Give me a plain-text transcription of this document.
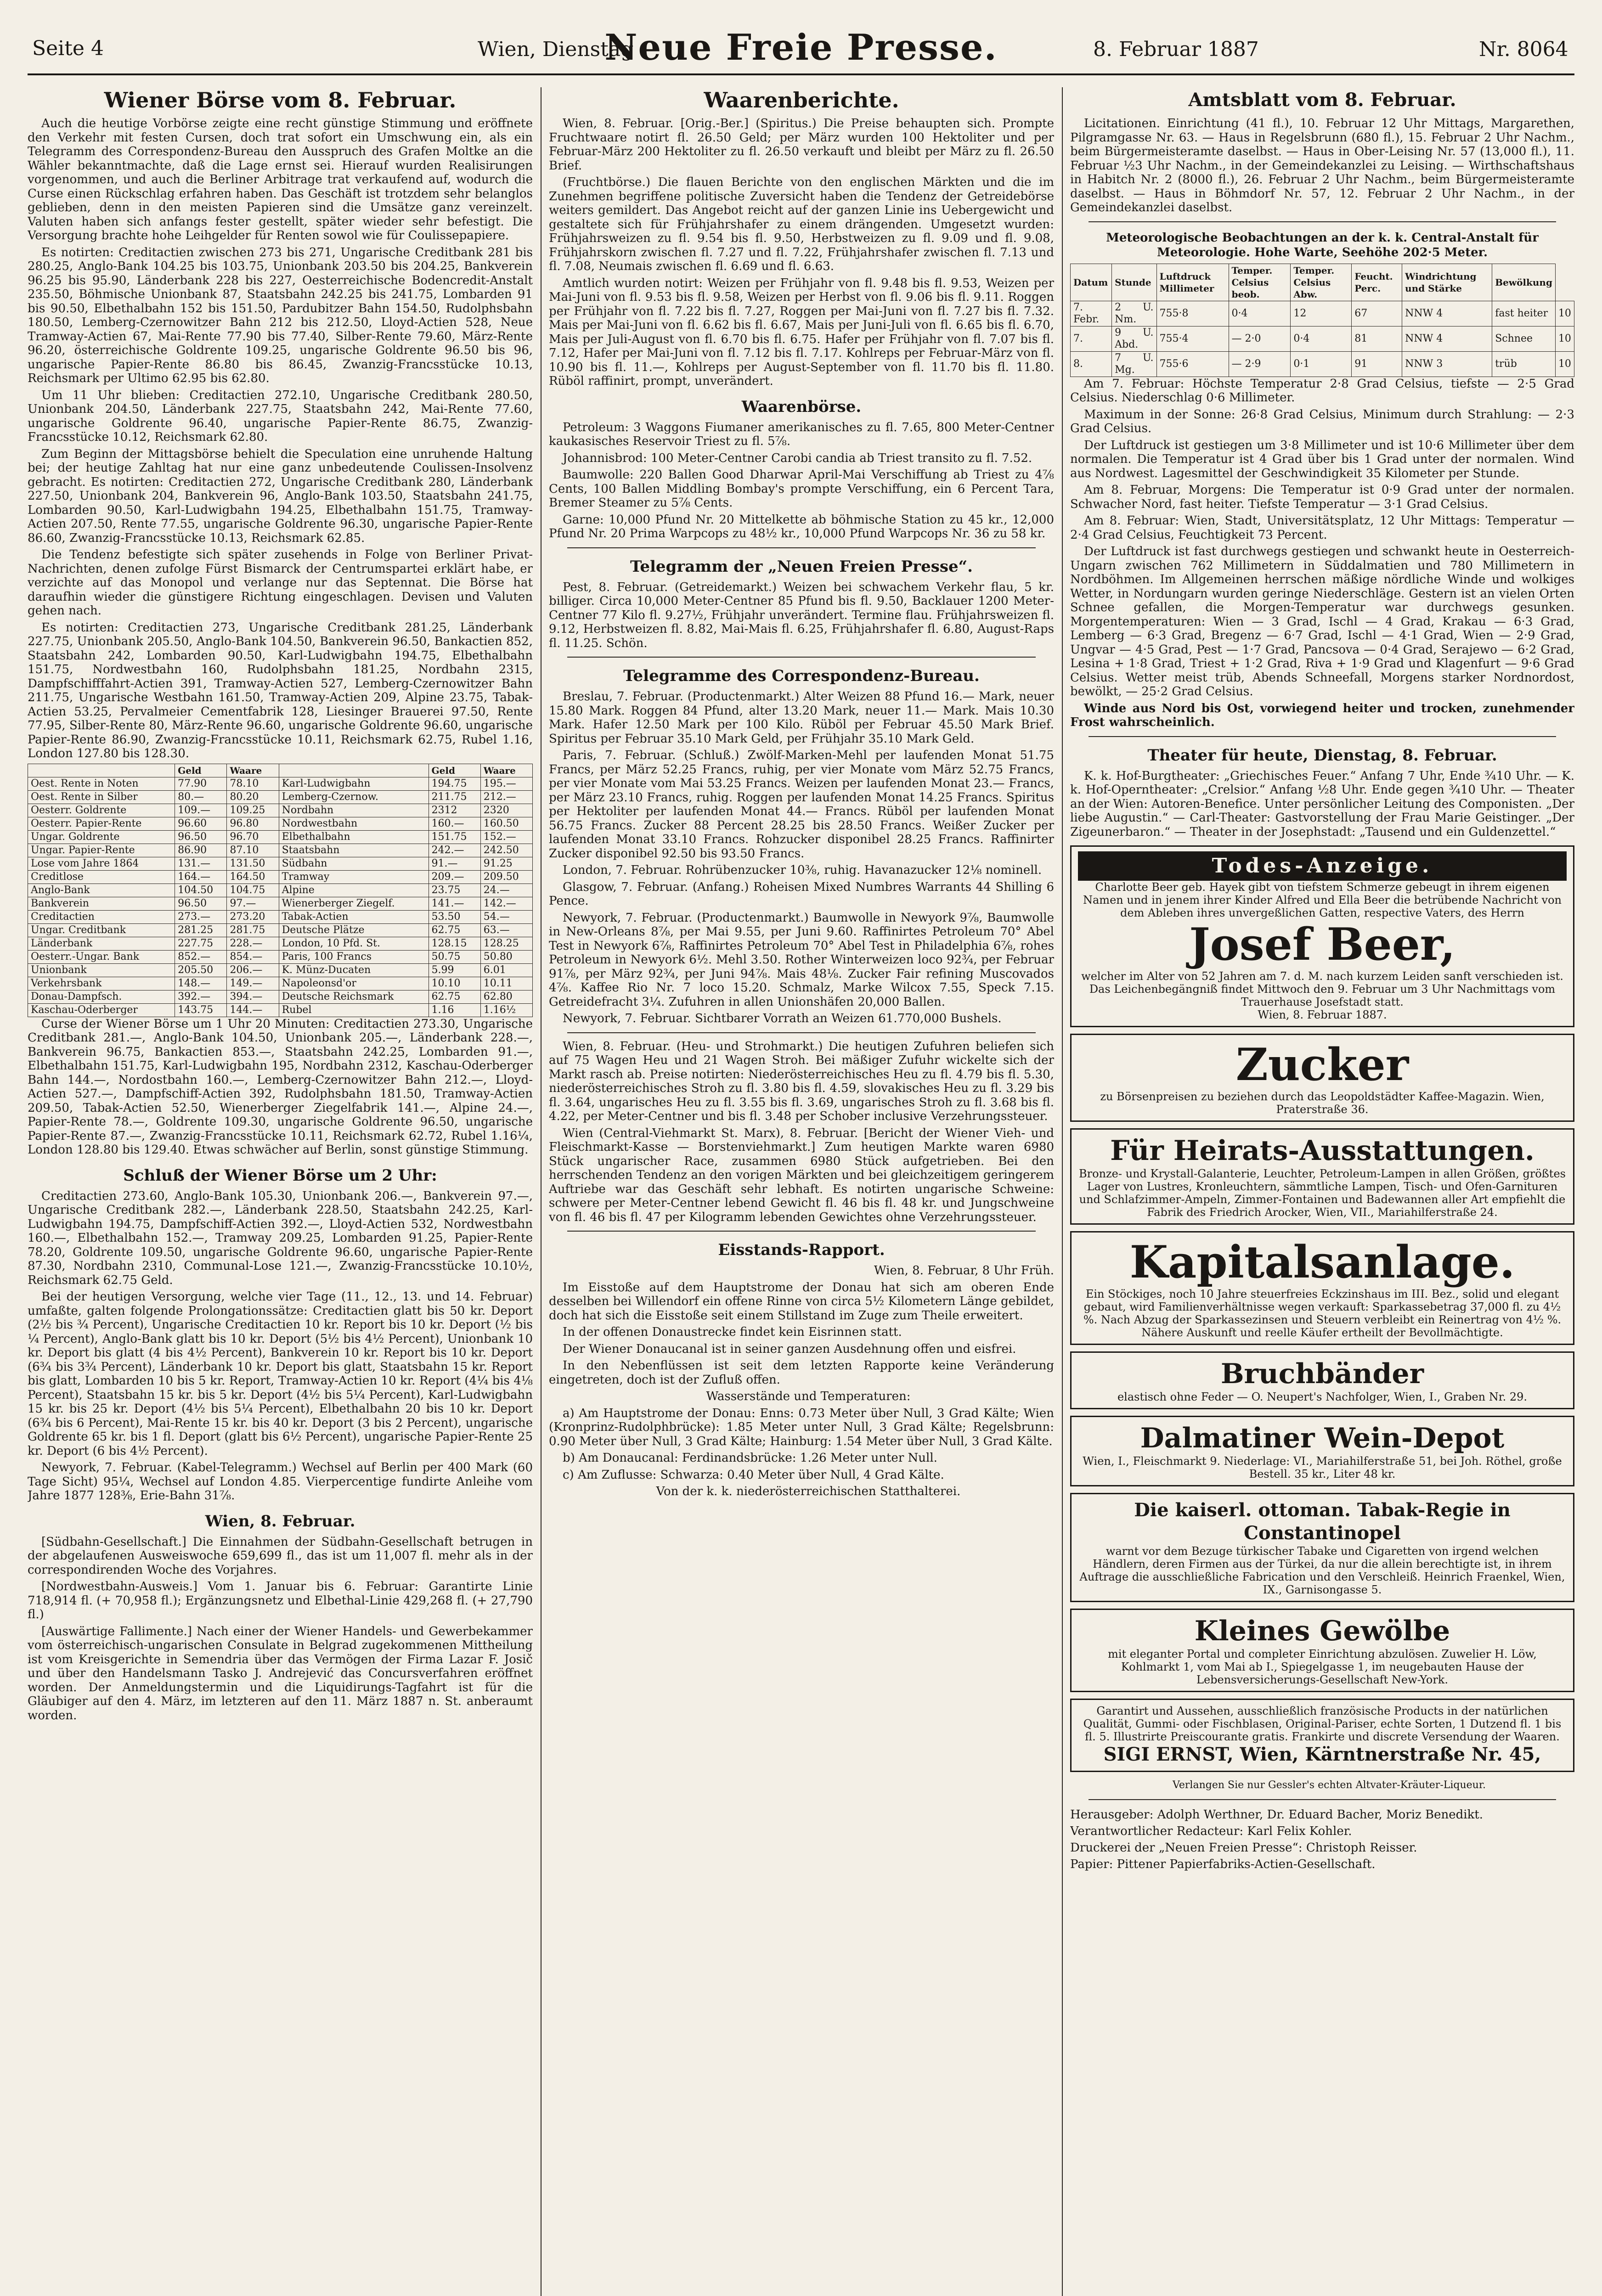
Seite 4	Wien, Dienstag
Neue Freie Presse.	8. Februar 1887	Nr. 8064
Wiener Börse vom 8. Februar.

Auch die heutige Vorbörse zeigte eine recht günstige Stimmung und eröffnete den Verkehr mit festen Cursen, doch trat sofort ein Umschwung ein, als ein Telegramm des Correspondenz-Bureau den Ausspruch des Grafen Moltke an die Wähler bekanntmachte, daß die Lage ernst sei. Hierauf wurden Realisirungen vorgenommen, und auch die Berliner Arbitrage trat verkaufend auf, wodurch die Curse einen Rückschlag erfahren haben. Das Geschäft ist trotzdem sehr belanglos geblieben, denn in den meisten Papieren sind die Umsätze ganz vereinzelt. Valuten haben sich anfangs fester gestellt, später wieder sehr befestigt. Die Versorgung brachte hohe Leihgelder für Renten sowol wie für Coulissepapiere.

Es notirten: Creditactien zwischen 273 bis 271, Ungarische Creditbank 281 bis 280.25, Anglo-Bank 104.25 bis 103.75, Unionbank 203.50 bis 204.25, Bankverein 96.25 bis 95.90, Länderbank 228 bis 227, Oesterreichische Bodencredit-Anstalt 235.50, Böhmische Unionbank 87, Staatsbahn 242.25 bis 241.75, Lombarden 91 bis 90.50, Elbethalbahn 152 bis 151.50, Pardubitzer Bahn 154.50, Rudolphsbahn 180.50, Lemberg-Czernowitzer Bahn 212 bis 212.50, Lloyd-Actien 528, Neue Tramway-Actien 67, Mai-Rente 77.90 bis 77.40, Silber-Rente 79.60, März-Rente 96.20, österreichische Goldrente 109.25, ungarische Goldrente 96.50 bis 96, ungarische Papier-Rente 86.80 bis 86.45, Zwanzig-Francsstücke 10.13, Reichsmark per Ultimo 62.95 bis 62.80.

Um 11 Uhr blieben: Creditactien 272.10, Ungarische Creditbank 280.50, Unionbank 204.50, Länderbank 227.75, Staatsbahn 242, Mai-Rente 77.60, ungarische Goldrente 96.40, ungarische Papier-Rente 86.75, Zwanzig-Francsstücke 10.12, Reichsmark 62.80.

Zum Beginn der Mittagsbörse behielt die Speculation eine unruhende Haltung bei; der heutige Zahltag hat nur eine ganz unbedeutende Coulissen-Insolvenz gebracht. Es notirten: Creditactien 272, Ungarische Creditbank 280, Länderbank 227.50, Unionbank 204, Bankverein 96, Anglo-Bank 103.50, Staatsbahn 241.75, Lombarden 90.50, Karl-Ludwigbahn 194.25, Elbethalbahn 151.75, Tramway-Actien 207.50, Rente 77.55, ungarische Goldrente 96.30, ungarische Papier-Rente 86.60, Zwanzig-Francsstücke 10.13, Reichsmark 62.85.

Die Tendenz befestigte sich später zusehends in Folge von Berliner Privat-Nachrichten, denen zufolge Fürst Bismarck der Centrumspartei erklärt habe, er verzichte auf das Monopol und verlange nur das Septennat. Die Börse hat daraufhin wieder die günstigere Richtung eingeschlagen. Devisen und Valuten gehen nach.

Es notirten: Creditactien 273, Ungarische Creditbank 281.25, Länderbank 227.75, Unionbank 205.50, Anglo-Bank 104.50, Bankverein 96.50, Bankactien 852, Staatsbahn 242, Lombarden 90.50, Karl-Ludwigbahn 194.75, Elbethalbahn 151.75, Nordwestbahn 160, Rudolphsbahn 181.25, Nordbahn 2315, Dampfschifffahrt-Actien 391, Tramway-Actien 527, Lemberg-Czernowitzer Bahn 211.75, Ungarische Westbahn 161.50, Tramway-Actien 209, Alpine 23.75, Tabak-Actien 53.25, Pervalmeier Cementfabrik 128, Liesinger Brauerei 97.50, Rente 77.95, Silber-Rente 80, März-Rente 96.60, ungarische Goldrente 96.60, ungarische Papier-Rente 86.90, Zwanzig-Francsstücke 10.11, Reichsmark 62.75, Rubel 1.16, London 127.80 bis 128.30.

	Geld	Waare		Geld	Waare
Oest. Rente in Noten	77.90	78.10	Karl-Ludwigbahn	194.75	195.—
Oest. Rente in Silber	80.—	80.20	Lemberg-Czernow.	211.75	212.—
Oesterr. Goldrente	109.—	109.25	Nordbahn	2312	2320
Oesterr. Papier-Rente	96.60	96.80	Nordwestbahn	160.—	160.50
Ungar. Goldrente	96.50	96.70	Elbethalbahn	151.75	152.—
Ungar. Papier-Rente	86.90	87.10	Staatsbahn	242.—	242.50
Lose vom Jahre 1864	131.—	131.50	Südbahn	91.—	91.25
Creditlose	164.—	164.50	Tramway	209.—	209.50
Anglo-Bank	104.50	104.75	Alpine	23.75	24.—
Bankverein	96.50	97.—	Wienerberger Ziegelf.	141.—	142.—
Creditactien	273.—	273.20	Tabak-Actien	53.50	54.—
Ungar. Creditbank	281.25	281.75	Deutsche Plätze	62.75	63.—
Länderbank	227.75	228.—	London, 10 Pfd. St.	128.15	128.25
Oesterr.-Ungar. Bank	852.—	854.—	Paris, 100 Francs	50.75	50.80
Unionbank	205.50	206.—	K. Münz-Ducaten	5.99	6.01
Verkehrsbank	148.—	149.—	Napoleonsd'or	10.10	10.11
Donau-Dampfsch.	392.—	394.—	Deutsche Reichsmark	62.75	62.80
Kaschau-Oderberger	143.75	144.—	Rubel	1.16	1.16½

Curse der Wiener Börse um 1 Uhr 20 Minuten: Creditactien 273.30, Ungarische Creditbank 281.—, Anglo-Bank 104.50, Unionbank 205.—, Länderbank 228.—, Bankverein 96.75, Bankactien 853.—, Staatsbahn 242.25, Lombarden 91.—, Elbethalbahn 151.75, Karl-Ludwigbahn 195, Nordbahn 2312, Kaschau-Oderberger Bahn 144.—, Nordostbahn 160.—, Lemberg-Czernowitzer Bahn 212.—, Lloyd-Actien 527.—, Dampfschiff-Actien 392, Rudolphsbahn 181.50, Tramway-Actien 209.50, Tabak-Actien 52.50, Wienerberger Ziegelfabrik 141.—, Alpine 24.—, Papier-Rente 78.—, Goldrente 109.30, ungarische Goldrente 96.50, ungarische Papier-Rente 87.—, Zwanzig-Francsstücke 10.11, Reichsmark 62.72, Rubel 1.16¼, London 128.80 bis 129.40. Etwas schwächer auf Berlin, sonst günstige Stimmung.

Schluß der Wiener Börse um 2 Uhr:

Creditactien 273.60, Anglo-Bank 105.30, Unionbank 206.—, Bankverein 97.—, Ungarische Creditbank 282.—, Länderbank 228.50, Staatsbahn 242.25, Karl-Ludwigbahn 194.75, Dampfschiff-Actien 392.—, Lloyd-Actien 532, Nordwestbahn 160.—, Elbethalbahn 152.—, Tramway 209.25, Lombarden 91.25, Papier-Rente 78.20, Goldrente 109.50, ungarische Goldrente 96.60, ungarische Papier-Rente 87.30, Nordbahn 2310, Communal-Lose 121.—, Zwanzig-Francsstücke 10.10½, Reichsmark 62.75 Geld.

Bei der heutigen Versorgung, welche vier Tage (11., 12., 13. und 14. Februar) umfaßte, galten folgende Prolongationssätze: Creditactien glatt bis 50 kr. Deport (2½ bis ¾ Percent), Ungarische Creditactien 10 kr. Report bis 10 kr. Deport (½ bis ¼ Percent), Anglo-Bank glatt bis 10 kr. Deport (5½ bis 4½ Percent), Unionbank 10 kr. Deport bis glatt (4 bis 4½ Percent), Bankverein 10 kr. Report bis 10 kr. Deport (6¾ bis 3¾ Percent), Länderbank 10 kr. Deport bis glatt, Staatsbahn 15 kr. Report bis glatt, Lombarden 10 bis 5 kr. Report, Tramway-Actien 10 kr. Report (4¼ bis 4⅛ Percent), Staatsbahn 15 kr. bis 5 kr. Deport (4½ bis 5¼ Percent), Karl-Ludwigbahn 15 kr. bis 25 kr. Deport (4½ bis 5¼ Percent), Elbethalbahn 20 bis 10 kr. Deport (6¾ bis 6 Percent), Mai-Rente 15 kr. bis 40 kr. Deport (3 bis 2 Percent), ungarische Goldrente 65 kr. bis 1 fl. Deport (glatt bis 6½ Percent), ungarische Papier-Rente 25 kr. Deport (6 bis 4½ Percent).

Newyork, 7. Februar. (Kabel-Telegramm.) Wechsel auf Berlin per 400 Mark (60 Tage Sicht) 95¼, Wechsel auf London 4.85. Vierpercentige fundirte Anleihe vom Jahre 1877 128⅜, Erie-Bahn 31⅞.

Wien, 8. Februar.

[Südbahn-Gesellschaft.] Die Einnahmen der Südbahn-Gesellschaft betrugen in der abgelaufenen Ausweiswoche 659,699 fl., das ist um 11,007 fl. mehr als in der correspondirenden Woche des Vorjahres.

[Nordwestbahn-Ausweis.] Vom 1. Januar bis 6. Februar: Garantirte Linie 718,914 fl. (+ 70,958 fl.); Ergänzungsnetz und Elbethal-Linie 429,268 fl. (+ 27,790 fl.)

[Auswärtige Fallimente.] Nach einer der Wiener Handels- und Gewerbekammer vom österreichisch-ungarischen Consulate in Belgrad zugekommenen Mittheilung ist vom Kreisgerichte in Semendria über das Vermögen der Firma Lazar F. Josič und über den Handelsmann Tasko J. Andrejević das Concursverfahren eröffnet worden. Der Anmeldungstermin und die Liquidirungs-Tagfahrt ist für die Gläubiger auf den 4. März, im letzteren auf den 11. März 1887 n. St. anberaumt worden.

Waarenberichte.

Wien, 8. Februar. [Orig.-Ber.] (Spiritus.) Die Preise behaupten sich. Prompte Fruchtwaare notirt fl. 26.50 Geld; per März wurden 100 Hektoliter und per Februar-März 200 Hektoliter zu fl. 26.50 verkauft und bleibt per März zu fl. 26.50 Brief.

(Fruchtbörse.) Die flauen Berichte von den englischen Märkten und die im Zunehmen begriffene politische Zuversicht haben die Tendenz der Getreidebörse weiters gemildert. Das Angebot reicht auf der ganzen Linie ins Uebergewicht und gestaltete sich für Frühjahrshafer zu einem drängenden. Umgesetzt wurden: Frühjahrsweizen zu fl. 9.54 bis fl. 9.50, Herbstweizen zu fl. 9.09 und fl. 9.08, Frühjahrskorn zwischen fl. 7.27 und fl. 7.22, Frühjahrshafer zwischen fl. 7.13 und fl. 7.08, Neumais zwischen fl. 6.69 und fl. 6.63.

Amtlich wurden notirt: Weizen per Frühjahr von fl. 9.48 bis fl. 9.53, Weizen per Mai-Juni von fl. 9.53 bis fl. 9.58, Weizen per Herbst von fl. 9.06 bis fl. 9.11. Roggen per Frühjahr von fl. 7.22 bis fl. 7.27, Roggen per Mai-Juni von fl. 7.27 bis fl. 7.32. Mais per Mai-Juni von fl. 6.62 bis fl. 6.67, Mais per Juni-Juli von fl. 6.65 bis fl. 6.70, Mais per Juli-August von fl. 6.70 bis fl. 6.75. Hafer per Frühjahr von fl. 7.07 bis fl. 7.12, Hafer per Mai-Juni von fl. 7.12 bis fl. 7.17. Kohlreps per Februar-März von fl. 10.90 bis fl. 11.—, Kohlreps per August-September von fl. 11.70 bis fl. 11.80. Rüböl raffinirt, prompt, unverändert.

Waarenbörse.

Petroleum: 3 Waggons Fiumaner amerikanisches zu fl. 7.65, 800 Meter-Centner kaukasisches Reservoir Triest zu fl. 5⅞.

Johannisbrod: 100 Meter-Centner Carobi candia ab Triest transito zu fl. 7.52.

Baumwolle: 220 Ballen Good Dharwar April-Mai Verschiffung ab Triest zu 4⅞ Cents, 100 Ballen Middling Bombay's prompte Verschiffung, ein 6 Percent Tara, Bremer Steamer zu 5⅞ Cents.

Garne: 10,000 Pfund Nr. 20 Mittelkette ab böhmische Station zu 45 kr., 12,000 Pfund Nr. 20 Prima Warpcops zu 48½ kr., 10,000 Pfund Warpcops Nr. 36 zu 58 kr.

Telegramm der „Neuen Freien Presse“.

Pest, 8. Februar. (Getreidemarkt.) Weizen bei schwachem Verkehr flau, 5 kr. billiger. Circa 10,000 Meter-Centner 85 Pfund bis fl. 9.50, Backlauer 1200 Meter-Centner 77 Kilo fl. 9.27½, Frühjahr unverändert. Termine flau. Frühjahrsweizen fl. 9.12, Herbstweizen fl. 8.82, Mai-Mais fl. 6.25, Frühjahrshafer fl. 6.80, August-Raps fl. 11.25. Schön.

Telegramme des Correspondenz-Bureau.

Breslau, 7. Februar. (Productenmarkt.) Alter Weizen 88 Pfund 16.— Mark, neuer 15.80 Mark. Roggen 84 Pfund, alter 13.20 Mark, neuer 11.— Mark. Mais 10.30 Mark. Hafer 12.50 Mark per 100 Kilo. Rüböl per Februar 45.50 Mark Brief. Spiritus per Februar 35.10 Mark Geld, per Frühjahr 35.10 Mark Geld.

Paris, 7. Februar. (Schluß.) Zwölf-Marken-Mehl per laufenden Monat 51.75 Francs, per März 52.25 Francs, ruhig, per vier Monate vom März 52.75 Francs, per vier Monate vom Mai 53.25 Francs. Weizen per laufenden Monat 23.— Francs, per März 23.10 Francs, ruhig. Roggen per laufenden Monat 14.25 Francs. Spiritus per Hektoliter per laufenden Monat 44.— Francs. Rüböl per laufenden Monat 56.75 Francs. Zucker 88 Percent 28.25 bis 28.50 Francs. Weißer Zucker per laufenden Monat 33.10 Francs. Rohzucker disponibel 28.25 Francs. Raffinirter Zucker disponibel 92.50 bis 93.50 Francs.

London, 7. Februar. Rohrübenzucker 10⅜, ruhig. Havanazucker 12⅛ nominell.

Glasgow, 7. Februar. (Anfang.) Roheisen Mixed Numbres Warrants 44 Shilling 6 Pence.

Newyork, 7. Februar. (Productenmarkt.) Baumwolle in Newyork 9⅞, Baumwolle in New-Orleans 8⅞, per Mai 9.55, per Juni 9.60. Raffinirtes Petroleum 70° Abel Test in Newyork 6⅞, Raffinirtes Petroleum 70° Abel Test in Philadelphia 6⅞, rohes Petroleum in Newyork 6½. Mehl 3.50. Rother Winterweizen loco 92¾, per Februar 91⅞, per März 92¾, per Juni 94⅞. Mais 48⅛. Zucker Fair refining Muscovados 4⅞. Kaffee Rio Nr. 7 loco 15.20. Schmalz, Marke Wilcox 7.55, Speck 7.15. Getreidefracht 3¼. Zufuhren in allen Unionshäfen 20,000 Ballen.

Newyork, 7. Februar. Sichtbarer Vorrath an Weizen 61.770,000 Bushels.

Wien, 8. Februar. (Heu- und Strohmarkt.) Die heutigen Zufuhren beliefen sich auf 75 Wagen Heu und 21 Wagen Stroh. Bei mäßiger Zufuhr wickelte sich der Markt rasch ab. Preise notirten: Niederösterreichisches Heu zu fl. 4.79 bis fl. 5.30, niederösterreichisches Stroh zu fl. 3.80 bis fl. 4.59, slovakisches Heu zu fl. 3.29 bis fl. 3.64, ungarisches Heu zu fl. 3.55 bis fl. 3.69, ungarisches Stroh zu fl. 3.68 bis fl. 4.22, per Meter-Centner und bis fl. 3.48 per Schober inclusive Verzehrungssteuer.

Wien (Central-Viehmarkt St. Marx), 8. Februar. [Bericht der Wiener Vieh- und Fleischmarkt-Kasse — Borstenviehmarkt.] Zum heutigen Markte waren 6980 Stück ungarischer Race, zusammen 6980 Stück aufgetrieben. Bei den herrschenden Tendenz an den vorigen Märkten und bei gleichzeitigem geringerem Auftriebe war das Geschäft sehr lebhaft. Es notirten ungarische Schweine: schwere per Meter-Centner lebend Gewicht fl. 46 bis fl. 48 kr. und Jungschweine von fl. 46 bis fl. 47 per Kilogramm lebenden Gewichtes ohne Verzehrungssteuer.

Eisstands-Rapport.

Wien, 8. Februar, 8 Uhr Früh.

Im Eisstoße auf dem Hauptstrome der Donau hat sich am oberen Ende desselben bei Willendorf ein offene Rinne von circa 5½ Kilometern Länge gebildet, doch hat sich die Eisstoße seit einem Stillstand im Zuge zum Theile erweitert.

In der offenen Donaustrecke findet kein Eisrinnen statt.

Der Wiener Donaucanal ist in seiner ganzen Ausdehnung offen und eisfrei.

In den Nebenflüssen ist seit dem letzten Rapporte keine Veränderung eingetreten, doch ist der Zufluß offen.

Wasserstände und Temperaturen:

a) Am Hauptstrome der Donau: Enns: 0.73 Meter über Null, 3 Grad Kälte; Wien (Kronprinz-Rudolphbrücke): 1.85 Meter unter Null, 3 Grad Kälte; Regelsbrunn: 0.90 Meter über Null, 3 Grad Kälte; Hainburg: 1.54 Meter über Null, 3 Grad Kälte.

b) Am Donaucanal: Ferdinandsbrücke: 1.26 Meter unter Null.

c) Am Zuflusse: Schwarza: 0.40 Meter über Null, 4 Grad Kälte.

Von der k. k. niederösterreichischen Statthalterei.

Amtsblatt vom 8. Februar.

Licitationen. Einrichtung (41 fl.), 10. Februar 12 Uhr Mittags, Margarethen, Pilgramgasse Nr. 63. — Haus in Regelsbrunn (680 fl.), 15. Februar 2 Uhr Nachm., beim Bürgermeisteramte daselbst. — Haus in Ober-Leising Nr. 57 (13,000 fl.), 11. Februar ½3 Uhr Nachm., in der Gemeindekanzlei zu Leising. — Wirthschaftshaus in Habitch Nr. 2 (8000 fl.), 26. Februar 2 Uhr Nachm., beim Bürgermeisteramte daselbst. — Haus in Böhmdorf Nr. 57, 12. Februar 2 Uhr Nachm., in der Gemeindekanzlei daselbst.

Meteorologische Beobachtungen an der k. k. Central-Anstalt für Meteorologie. Hohe Warte, Seehöhe 202·5 Meter.
Datum	Stunde	Luftdruck Millimeter	Temper. Celsius beob.	Temper. Celsius Abw.	Feucht. Perc.	Windrichtung und Stärke	Bewölkung	
7. Febr.	2 U. Nm.	755·8	0·4	12	67	NNW 4	fast heiter	10
7.	9 U. Abd.	755·4	— 2·0	0·4	81	NNW 4	Schnee	10
8.	7 U. Mg.	755·6	— 2·9	0·1	91	NNW 3	trüb	10

Am 7. Februar: Höchste Temperatur 2·8 Grad Celsius, tiefste — 2·5 Grad Celsius. Niederschlag 0·6 Millimeter.

Maximum in der Sonne: 26·8 Grad Celsius, Minimum durch Strahlung: — 2·3 Grad Celsius.

Der Luftdruck ist gestiegen um 3·8 Millimeter und ist 10·6 Millimeter über dem normalen. Die Temperatur ist 4 Grad über bis 1 Grad unter der normalen. Wind aus Nordwest. Lagesmittel der Geschwindigkeit 35 Kilometer per Stunde.

Am 8. Februar, Morgens: Die Temperatur ist 0·9 Grad unter der normalen. Schwacher Nord, fast heiter. Tiefste Temperatur — 3·1 Grad Celsius.

Am 8. Februar: Wien, Stadt, Universitätsplatz, 12 Uhr Mittags: Temperatur — 2·4 Grad Celsius, Feuchtigkeit 73 Percent.

Der Luftdruck ist fast durchwegs gestiegen und schwankt heute in Oesterreich-Ungarn zwischen 762 Millimetern in Süddalmatien und 780 Millimetern in Nordböhmen. Im Allgemeinen herrschen mäßige nördliche Winde und wolkiges Wetter, in Nordungarn wurden geringe Niederschläge. Gestern ist an vielen Orten Schnee gefallen, die Morgen-Temperatur war durchwegs gesunken. Morgentemperaturen: Wien — 3 Grad, Ischl — 4 Grad, Krakau — 6·3 Grad, Lemberg — 6·3 Grad, Bregenz — 6·7 Grad, Ischl — 4·1 Grad, Wien — 2·9 Grad, Ungvar — 4·5 Grad, Pest — 1·7 Grad, Pancsova — 0·4 Grad, Serajewo — 6·2 Grad, Lesina + 1·8 Grad, Triest + 1·2 Grad, Riva + 1·9 Grad und Klagenfurt — 9·6 Grad Celsius. Wetter meist trüb, Abends Schneefall, Morgens starker Nordnordost, bewölkt, — 25·2 Grad Celsius.

Winde aus Nord bis Ost, vorwiegend heiter und trocken, zunehmender Frost wahrscheinlich.

Theater für heute, Dienstag, 8. Februar.

K. k. Hof-Burgtheater: „Griechisches Feuer.“ Anfang 7 Uhr, Ende ¾10 Uhr. — K. k. Hof-Operntheater: „Crelsior.“ Anfang ½8 Uhr. Ende gegen ¾10 Uhr. — Theater an der Wien: Autoren-Benefice. Unter persönlicher Leitung des Componisten. „Der liebe Augustin.“ — Carl-Theater: Gastvorstellung der Frau Marie Geistinger. „Der Zigeunerbaron.“ — Theater in der Josephstadt: „Tausend und ein Guldenzettel.“

Todes-Anzeige.
Charlotte Beer geb. Hayek gibt von tiefstem Schmerze gebeugt in ihrem eigenen Namen und in jenem ihrer Kinder Alfred und Ella Beer die betrübende Nachricht von dem Ableben ihres unvergeßlichen Gatten, respective Vaters, des Herrn
Josef Beer,
welcher im Alter von 52 Jahren am 7. d. M. nach kurzem Leiden sanft verschieden ist. Das Leichenbegängniß findet Mittwoch den 9. Februar um 3 Uhr Nachmittags vom Trauerhause Josefstadt statt.
Wien, 8. Februar 1887.
Zucker
zu Börsenpreisen zu beziehen durch das Leopoldstädter Kaffee-Magazin. Wien, Praterstraße 36.
Für Heirats-Ausstattungen.
Bronze- und Krystall-Galanterie, Leuchter, Petroleum-Lampen in allen Größen, größtes Lager von Lustres, Kronleuchtern, sämmtliche Lampen, Tisch- und Ofen-Garnituren und Schlafzimmer-Ampeln, Zimmer-Fontainen und Badewannen aller Art empfiehlt die Fabrik des Friedrich Arocker, Wien, VII., Mariahilferstraße 24.
Kapitalsanlage.
Ein Stöckiges, noch 10 Jahre steuerfreies Eckzinshaus im III. Bez., solid und elegant gebaut, wird Familienverhältnisse wegen verkauft: Sparkassebetrag 37,000 fl. zu 4½ %. Nach Abzug der Sparkassezinsen und Steuern verbleibt ein Reinertrag von 4½ %. Nähere Auskunft und reelle Käufer ertheilt der Bevollmächtigte.
Bruchbänder
elastisch ohne Feder — O. Neupert's Nachfolger, Wien, I., Graben Nr. 29.
Dalmatiner Wein-Depot
Wien, I., Fleischmarkt 9. Niederlage: VI., Mariahilferstraße 51, bei Joh. Röthel, große Bestell. 35 kr., Liter 48 kr.
Die kaiserl. ottoman. Tabak-Regie in Constantinopel
warnt vor dem Bezuge türkischer Tabake und Cigaretten von irgend welchen Händlern, deren Firmen aus der Türkei, da nur die allein berechtigte ist, in ihrem Auftrage die ausschließliche Fabrication und den Verschleiß. Heinrich Fraenkel, Wien, IX., Garnisongasse 5.
Kleines Gewölbe
mit eleganter Portal und completer Einrichtung abzulösen. Zuwelier H. Löw, Kohlmarkt 1, vom Mai ab I., Spiegelgasse 1, im neugebauten Hause der Lebensversicherungs-Gesellschaft New-York.
Garantirt und Aussehen, ausschließlich französische Products in der natürlichen Qualität, Gummi- oder Fischblasen, Original-Pariser, echte Sorten, 1 Dutzend fl. 1 bis fl. 5. Illustrirte Preiscourante gratis. Frankirte und discrete Versendung der Waaren.
SIGI ERNST, Wien, Kärntnerstraße Nr. 45,

Verlangen Sie nur Gessler's echten Altvater-Kräuter-Liqueur.

Herausgeber: Adolph Werthner, Dr. Eduard Bacher, Moriz Benedikt.
Verantwortlicher Redacteur: Karl Felix Kohler.
Druckerei der „Neuen Freien Presse“: Christoph Reisser.
Papier: Pittener Papierfabriks-Actien-Gesellschaft.
